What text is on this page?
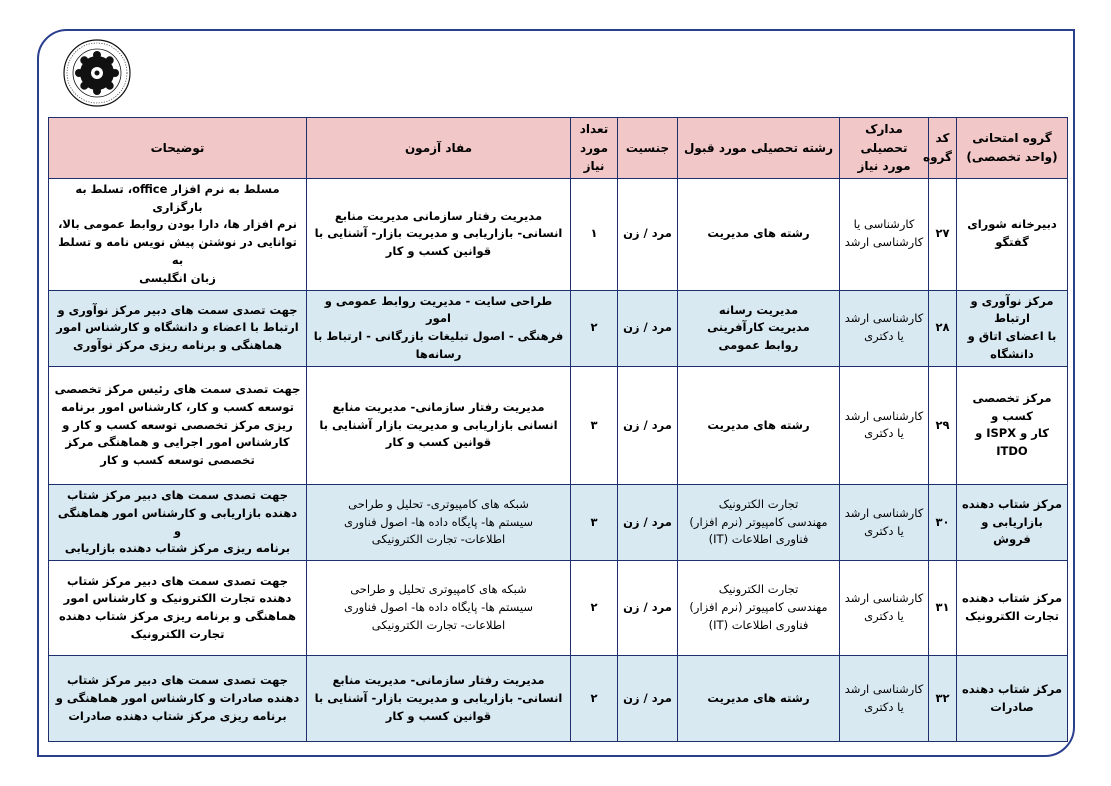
گروه امتحانی
(واحد تخصصی)	کد
گروه	مدارک تحصیلی
مورد نیاز	رشته تحصیلی مورد قبول	جنسیت	تعداد
مورد نیاز	مفاد آزمون	توضیحات

دبیرخانه شورای گفتگو	۲۷	کارشناسی یا
کارشناسی ارشد	رشته های مدیریت	مرد / زن	۱	مدیریت رفتار سازمانی مدیریت منابع
انسانی- بازاریابی و مدیریت بازار- آشنایی با
قوانین کسب و کار	مسلط به نرم افزار office، تسلط به بارگزاری
نرم افزار ها، دارا بودن روابط عمومی بالا،
توانایی در نوشتن پیش نویس نامه و تسلط به
زبان انگلیسی

مرکز نوآوری و ارتباط
با اعضای اتاق و
دانشگاه	۲۸	کارشناسی ارشد
یا دکتری	مدیریت رسانه
مدیریت کارآفرینی
روابط عمومی	مرد / زن	۲	طراحی سایت - مدیریت روابط عمومی و امور
فرهنگی - اصول تبلیغات بازرگانی - ارتباط با
رسانه‌ها	جهت تصدی سمت های دبیر مرکز نوآوری و
ارتباط با اعضاء و دانشگاه و کارشناس امور
هماهنگی و برنامه ریزی مرکز نوآوری

مرکز تخصصی کسب و
کار و ISPX و ITDO	۲۹	کارشناسی ارشد
یا دکتری	رشته های مدیریت	مرد / زن	۳	مدیریت رفتار سازمانی- مدیریت منابع
انسانی بازاریابی و مدیریت بازار آشنایی با
قوانین کسب و کار	جهت تصدی سمت های رئیس مرکز تخصصی
توسعه کسب و کار، کارشناس امور برنامه
ریزی مرکز تخصصی توسعه کسب و کار و
کارشناس امور اجرایی و هماهنگی مرکز
تخصصی توسعه کسب و کار

مرکز شتاب دهنده
بازاریابی و فروش	۳۰	کارشناسی ارشد
یا دکتری	تجارت الکترونیک
مهندسی کامپیوتر (نرم افزار)
فناوری اطلاعات (IT)	مرد / زن	۳	شبکه های کامپیوتری- تحلیل و طراحی
سیستم ها- پایگاه داده ها- اصول فناوری
اطلاعات- تجارت الکترونیکی	جهت تصدی سمت های دبیر مرکز شتاب
دهنده بازاریابی و کارشناس امور هماهنگی و
برنامه ریزی مرکز شتاب دهنده بازاریابی

مرکز شتاب دهنده
تجارت الکترونیک	۳۱	کارشناسی ارشد
یا دکتری	تجارت الکترونیک
مهندسی کامپیوتر (نرم افزار)
فناوری اطلاعات (IT)	مرد / زن	۲	شبکه های کامپیوتری تحلیل و طراحی
سیستم ها- پایگاه داده ها- اصول فناوری
اطلاعات- تجارت الکترونیکی	جهت تصدی سمت های دبیر مرکز شتاب
دهنده تجارت الکترونیک و کارشناس امور
هماهنگی و برنامه ریزی مرکز شتاب دهنده
تجارت الکترونیک

مرکز شتاب دهنده
صادرات	۳۲	کارشناسی ارشد
یا دکتری	رشته های مدیریت	مرد / زن	۲	مدیریت رفتار سازمانی- مدیریت منابع
انسانی- بازاریابی و مدیریت بازار- آشنایی با
قوانین کسب و کار	جهت تصدی سمت های دبیر مرکز شتاب
دهنده صادرات و کارشناس امور هماهنگی و
برنامه ریزی مرکز شتاب دهنده صادرات
